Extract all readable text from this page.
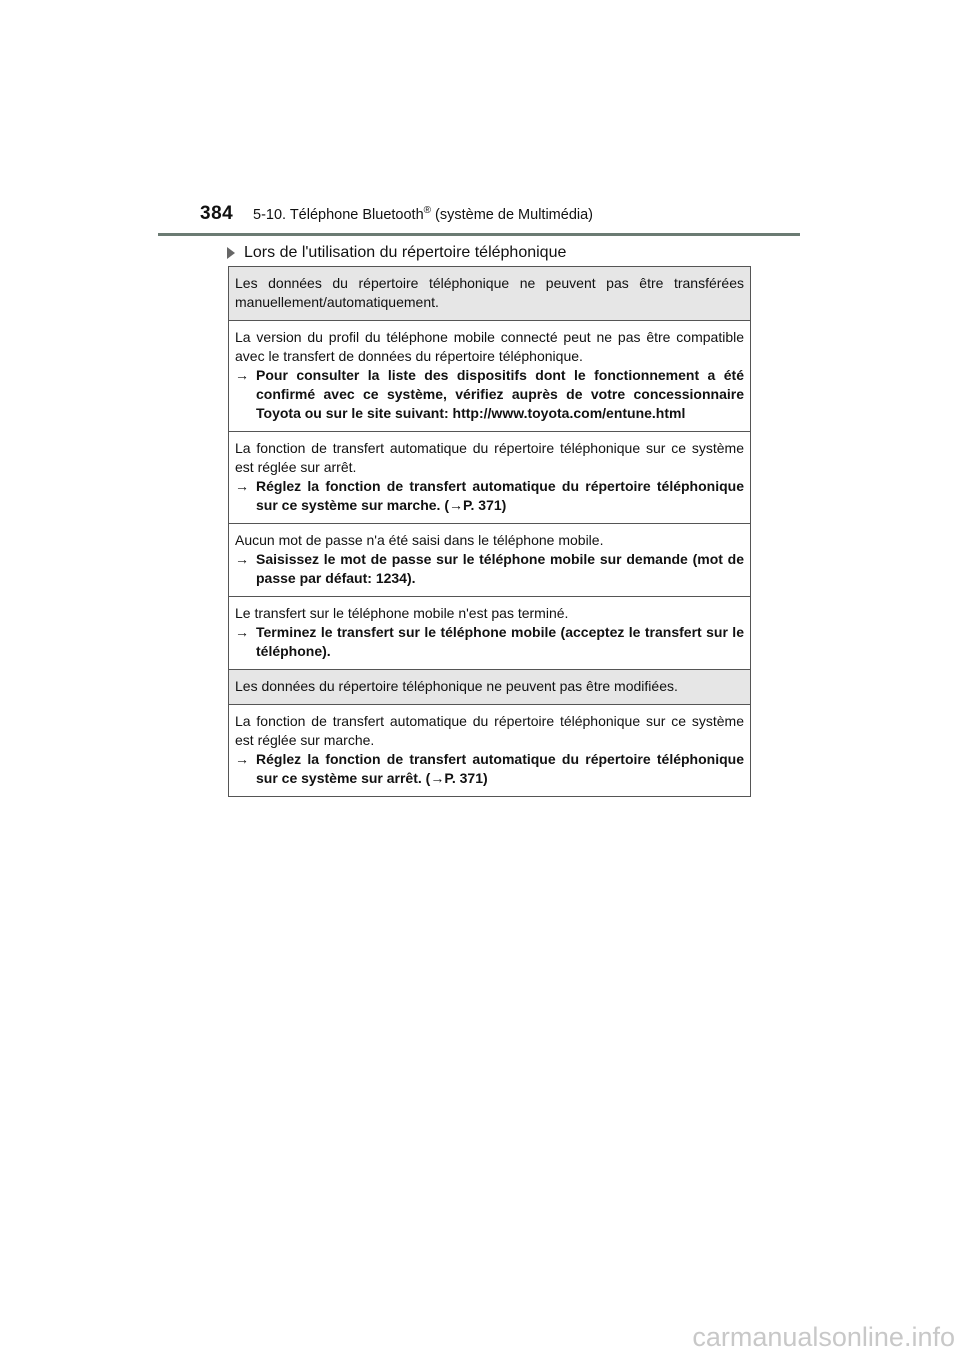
384 5-10. Téléphone Bluetooth® (système de Multimédia)
Lors de l'utilisation du répertoire téléphonique

Les données du répertoire téléphonique ne peuvent pas être transférées manuellement/automatiquement.

La version du profil du téléphone mobile connecté peut ne pas être compatible avec le transfert de données du répertoire téléphonique.

→ Pour consulter la liste des dispositifs dont le fonctionnement a été confirmé avec ce système, vérifiez auprès de votre concessionnaire Toyota ou sur le site suivant: http://www.toyota.com/entune.html

La fonction de transfert automatique du répertoire téléphonique sur ce système est réglée sur arrêt.

→ Réglez la fonction de transfert automatique du répertoire téléphonique sur ce système sur marche. (→P. 371)

Aucun mot de passe n'a été saisi dans le téléphone mobile.

→ Saisissez le mot de passe sur le téléphone mobile sur demande (mot de passe par défaut: 1234).

Le transfert sur le téléphone mobile n'est pas terminé.

→ Terminez le transfert sur le téléphone mobile (acceptez le transfert sur le téléphone).

Les données du répertoire téléphonique ne peuvent pas être modifiées.

La fonction de transfert automatique du répertoire téléphonique sur ce système est réglée sur marche.

→ Réglez la fonction de transfert automatique du répertoire téléphonique sur ce système sur arrêt. (→P. 371)

carmanualsonline.info
